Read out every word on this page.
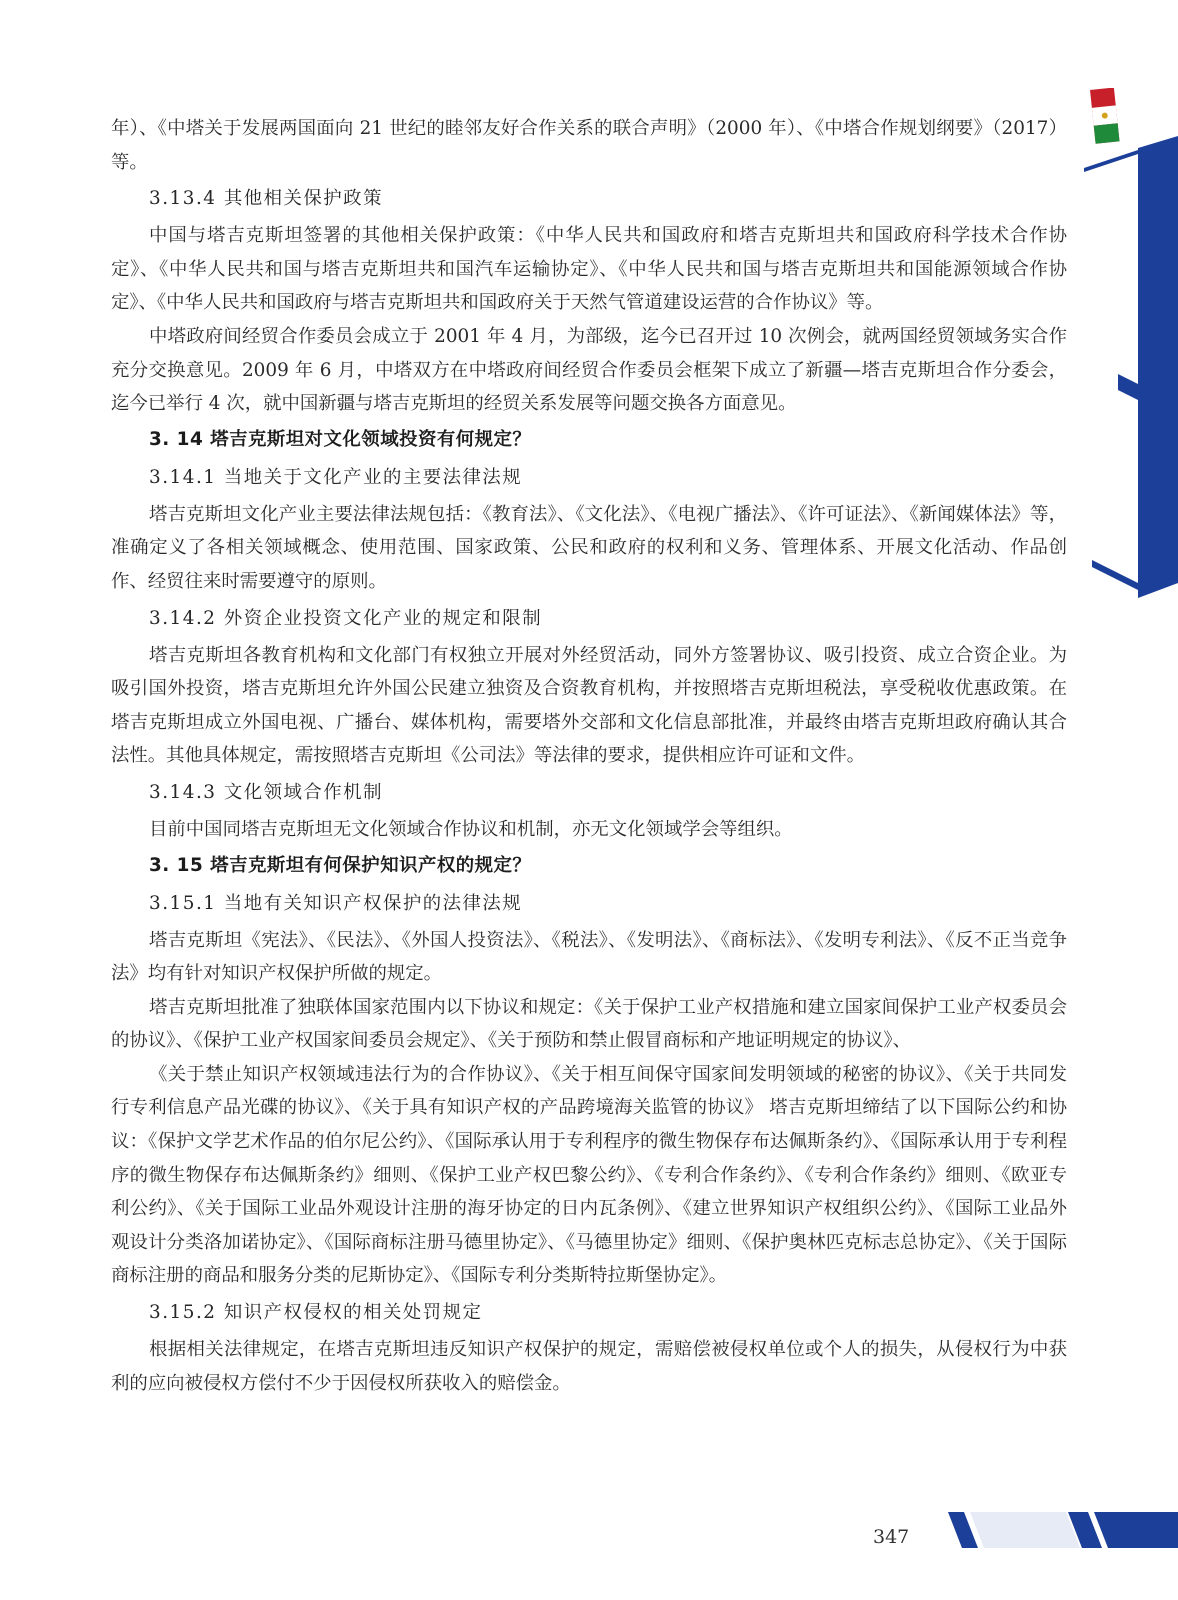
年）、《中塔关于发展两国面向 21 世纪的睦邻友好合作关系的联合声明》（2000 年）、《中塔合作规划纲要》（2017）等。

3.13.4 其他相关保护政策

中国与塔吉克斯坦签署的其他相关保护政策：《中华人民共和国政府和塔吉克斯坦共和国政府科学技术合作协定》、《中华人民共和国与塔吉克斯坦共和国汽车运输协定》、《中华人民共和国与塔吉克斯坦共和国能源领域合作协定》、《中华人民共和国政府与塔吉克斯坦共和国政府关于天然气管道建设运营的合作协议》等。

中塔政府间经贸合作委员会成立于 2001 年 4 月，为部级，迄今已召开过 10 次例会，就两国经贸领域务实合作充分交换意见。2009 年 6 月，中塔双方在中塔政府间经贸合作委员会框架下成立了新疆—塔吉克斯坦合作分委会，迄今已举行 4 次，就中国新疆与塔吉克斯坦的经贸关系发展等问题交换各方面意见。

3. 14 塔吉克斯坦对文化领域投资有何规定？

3.14.1 当地关于文化产业的主要法律法规

塔吉克斯坦文化产业主要法律法规包括：《教育法》、《文化法》、《电视广播法》、《许可证法》、《新闻媒体法》等，准确定义了各相关领域概念、使用范围、国家政策、公民和政府的权利和义务、管理体系、开展文化活动、作品创作、经贸往来时需要遵守的原则。

3.14.2 外资企业投资文化产业的规定和限制

塔吉克斯坦各教育机构和文化部门有权独立开展对外经贸活动，同外方签署协议、吸引投资、成立合资企业。为吸引国外投资，塔吉克斯坦允许外国公民建立独资及合资教育机构，并按照塔吉克斯坦税法，享受税收优惠政策。在塔吉克斯坦成立外国电视、广播台、媒体机构，需要塔外交部和文化信息部批准，并最终由塔吉克斯坦政府确认其合法性。其他具体规定，需按照塔吉克斯坦《公司法》等法律的要求，提供相应许可证和文件。

3.14.3 文化领域合作机制

目前中国同塔吉克斯坦无文化领域合作协议和机制，亦无文化领域学会等组织。

3. 15 塔吉克斯坦有何保护知识产权的规定？

3.15.1 当地有关知识产权保护的法律法规

塔吉克斯坦《宪法》、《民法》、《外国人投资法》、《税法》、《发明法》、《商标法》、《发明专利法》、《反不正当竞争法》均有针对知识产权保护所做的规定。

塔吉克斯坦批准了独联体国家范围内以下协议和规定：《关于保护工业产权措施和建立国家间保护工业产权委员会的协议》、《保护工业产权国家间委员会规定》、《关于预防和禁止假冒商标和产地证明规定的协议》、

《关于禁止知识产权领域违法行为的合作协议》、《关于相互间保守国家间发明领域的秘密的协议》、《关于共同发行专利信息产品光碟的协议》、《关于具有知识产权的产品跨境海关监管的协议》 塔吉克斯坦缔结了以下国际公约和协议：《保护文学艺术作品的伯尔尼公约》、《国际承认用于专利程序的微生物保存布达佩斯条约》、《国际承认用于专利程序的微生物保存布达佩斯条约》细则、《保护工业产权巴黎公约》、《专利合作条约》、《专利合作条约》细则、《欧亚专利公约》、《关于国际工业品外观设计注册的海牙协定的日内瓦条例》、《建立世界知识产权组织公约》、《国际工业品外观设计分类洛加诺协定》、《国际商标注册马德里协定》、《马德里协定》细则、《保护奥林匹克标志总协定》、《关于国际商标注册的商品和服务分类的尼斯协定》、《国际专利分类斯特拉斯堡协定》。

3.15.2 知识产权侵权的相关处罚规定

根据相关法律规定，在塔吉克斯坦违反知识产权保护的规定，需赔偿被侵权单位或个人的损失，从侵权行为中获利的应向被侵权方偿付不少于因侵权所获收入的赔偿金。

347
